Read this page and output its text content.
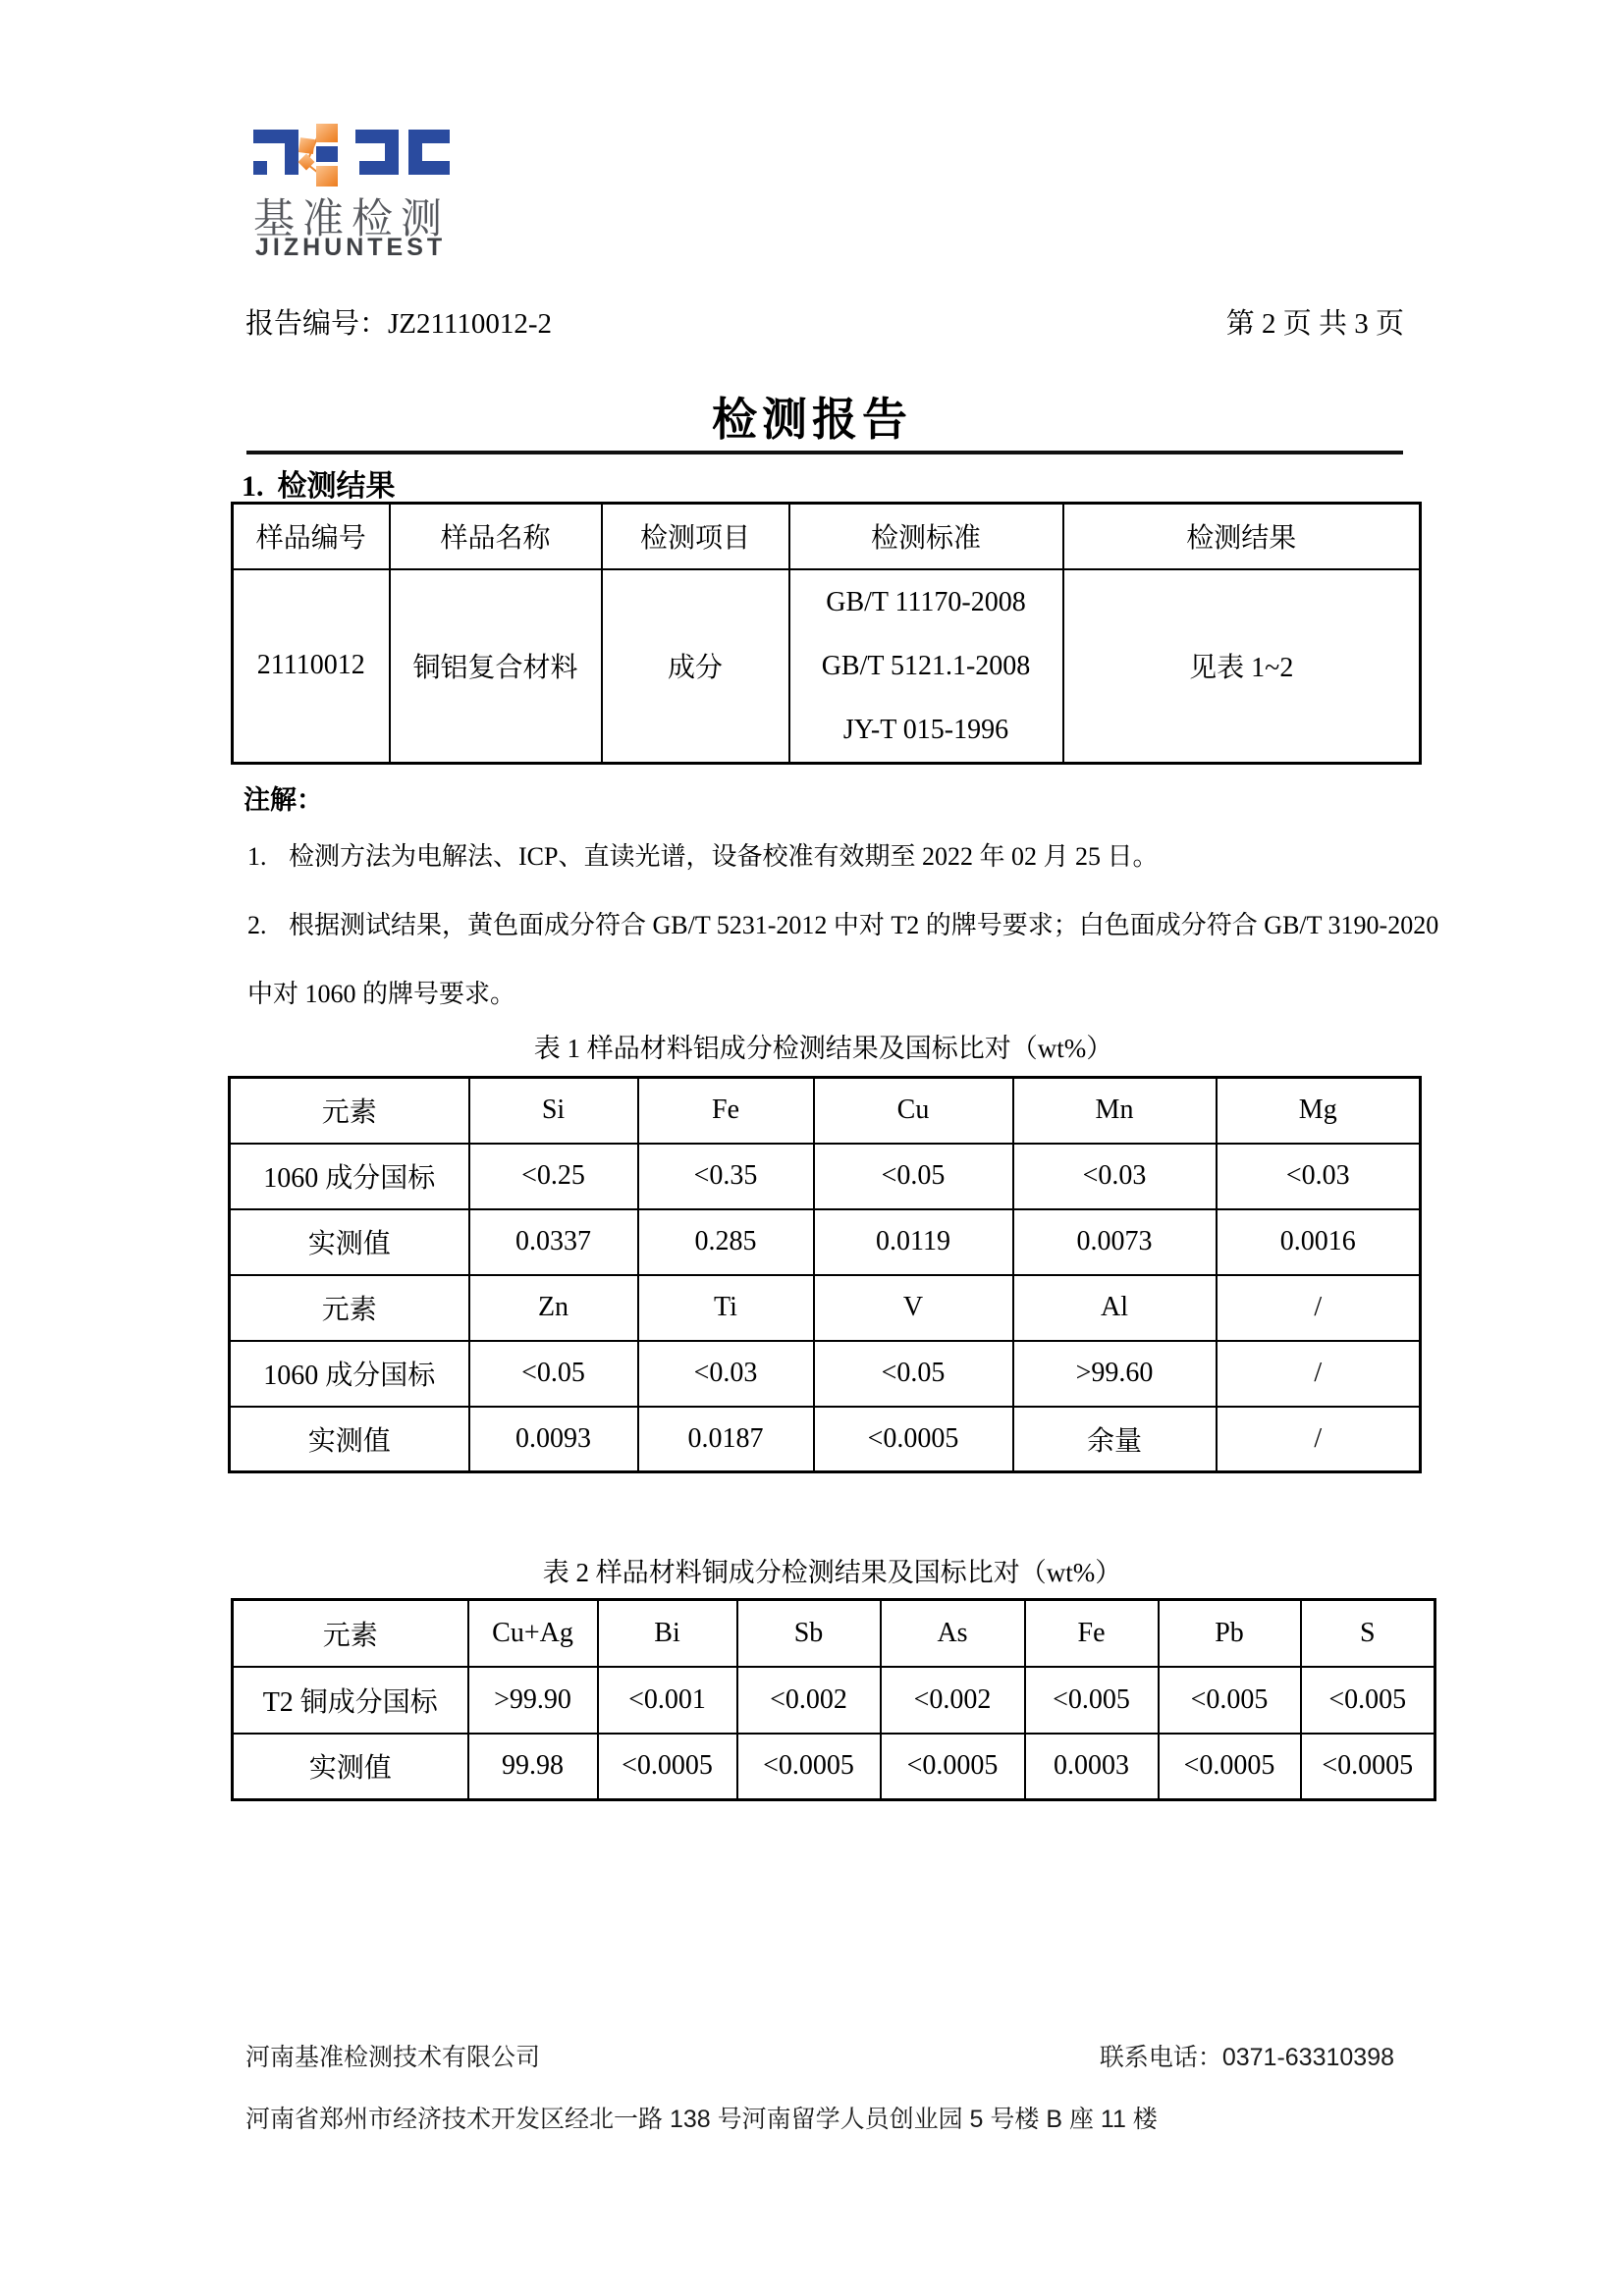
基准检测
JIZHUNTEST
报告编号：JZ21110012-2	第 2 页 共 3 页
检测报告
1. 检测结果
样品编号	样品名称	检测项目	检测标准	检测结果
21110012	铜铝复合材料	成分	GB/T 11170-2008
GB/T 5121.1-2008
JY-T 015-1996	见表 1~2
注解：
1. 检测方法为电解法、ICP、直读光谱，设备校准有效期至 2022 年 02 月 25 日。
2. 根据测试结果，黄色面成分符合 GB/T 5231-2012 中对 T2 的牌号要求；白色面成分符合 GB/T 3190-2020
中对 1060 的牌号要求。
表 1 样品材料铝成分检测结果及国标比对（wt%）
元素	Si	Fe	Cu	Mn	Mg
1060 成分国标	<0.25	<0.35	<0.05	<0.03	<0.03
实测值	0.0337	0.285	0.0119	0.0073	0.0016
元素	Zn	Ti	V	Al	/
1060 成分国标	<0.05	<0.03	<0.05	>99.60	/
实测值	0.0093	0.0187	<0.0005	余量	/
表 2 样品材料铜成分检测结果及国标比对（wt%）
元素	Cu+Ag	Bi	Sb	As	Fe	Pb	S
T2 铜成分国标	>99.90	<0.001	<0.002	<0.002	<0.005	<0.005	<0.005
实测值	99.98	<0.0005	<0.0005	<0.0005	0.0003	<0.0005	<0.0005
河南基准检测技术有限公司	联系电话：0371-63310398
河南省郑州市经济技术开发区经北一路 138 号河南留学人员创业园 5 号楼 B 座 11 楼
